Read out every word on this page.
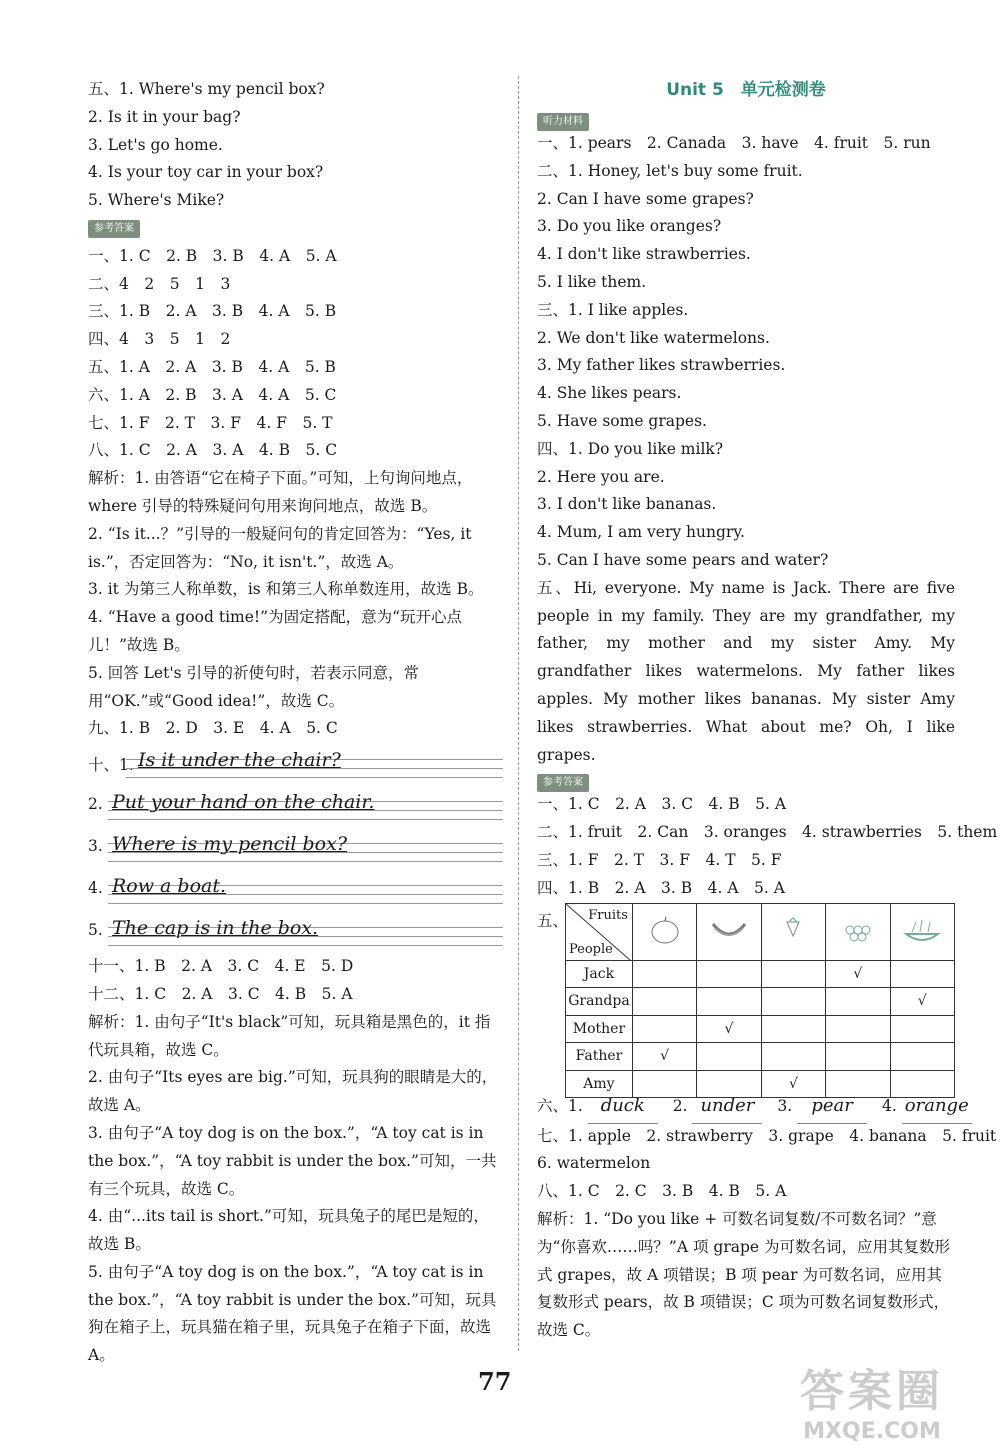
五、1. Where's my pencil box?
2. Is it in your bag?
3. Let's go home.
4. Is your toy car in your box?
5. Where's Mike?
参考答案
一、1. C　2. B　3. B　4. A　5. A
二、4　2　5　1　3
三、1. B　2. A　3. B　4. A　5. B
四、4　3　5　1　2
五、1. A　2. A　3. B　4. A　5. B
六、1. A　2. B　3. A　4. A　5. C
七、1. F　2. T　3. F　4. F　5. T
八、1. C　2. A　3. A　4. B　5. C
解析：1. 由答语“它在椅子下面。”可知，上句询问地点，where 引导的特殊疑问句用来询问地点，故选 B。
2. “Is it...？”引导的一般疑问句的肯定回答为：“Yes, it is.”，否定回答为：“No, it isn't.”，故选 A。
3. it 为第三人称单数，is 和第三人称单数连用，故选 B。
4. “Have a good time!”为固定搭配，意为“玩开心点儿！”故选 B。
5. 回答 Let's 引导的祈使句时，若表示同意，常用“OK.”或“Good idea!”，故选 C。
九、1. B　2. D　3. E　4. A　5. C
十、1. Is it under the chair?
2. Put your hand on the chair.
3. Where is my pencil box?
4. Row a boat.
5. The cap is in the box.
十一、1. B　2. A　3. C　4. E　5. D
十二、1. C　2. A　3. C　4. B　5. A
解析：1. 由句子“It's black”可知，玩具箱是黑色的，it 指代玩具箱，故选 C。
2. 由句子“Its eyes are big.”可知，玩具狗的眼睛是大的，故选 A。
3. 由句子“A toy dog is on the box.”，“A toy cat is in the box.”，“A toy rabbit is under the box.”可知，一共有三个玩具，故选 C。
4. 由“...its tail is short.”可知，玩具兔子的尾巴是短的，故选 B。
5. 由句子“A toy dog is on the box.”，“A toy cat is in the box.”，“A toy rabbit is under the box.”可知，玩具狗在箱子上，玩具猫在箱子里，玩具兔子在箱子下面，故选 A。
Unit 5　单元检测卷
听力材料
一、1. pears　2. Canada　3. have　4. fruit　5. run
二、1. Honey, let's buy some fruit.
2. Can I have some grapes?
3. Do you like oranges?
4. I don't like strawberries.
5. I like them.
三、1. I like apples.
2. We don't like watermelons.
3. My father likes strawberries.
4. She likes pears.
5. Have some grapes.
四、1. Do you like milk?
2. Here you are.
3. I don't like bananas.
4. Mum, I am very hungry.
5. Can I have some pears and water?
五、Hi, everyone. My name is Jack. There are five people in my family. They are my grandfather, my father, my mother and my sister Amy. My grandfather likes watermelons. My father likes apples. My mother likes bananas. My sister Amy likes strawberries. What about me? Oh, I like grapes.
参考答案
一、1. C　2. A　3. C　4. B　5. A
二、1. fruit　2. Can　3. oranges　4. strawberries　5. them
三、1. F　2. T　3. F　4. T　5. F
四、1. B　2. A　3. B　4. A　5. A
五、 Fruits
People

Jack				√	
Grandpa					√
Mother		√			
Father	√				
Amy			√		
六、1. duck 2. under 3. pear 4. orange
七、1. apple　2. strawberry　3. grape　4. banana　5. fruit
6. watermelon
八、1. C　2. C　3. B　4. B　5. A
解析：1. “Do you like + 可数名词复数/不可数名词？”意为“你喜欢……吗？”A 项 grape 为可数名词，应用其复数形式 grapes，故 A 项错误；B 项 pear 为可数名词，应用其复数形式 pears，故 B 项错误；C 项为可数名词复数形式，故选 C。
77	答案圈
MXQE.COM
